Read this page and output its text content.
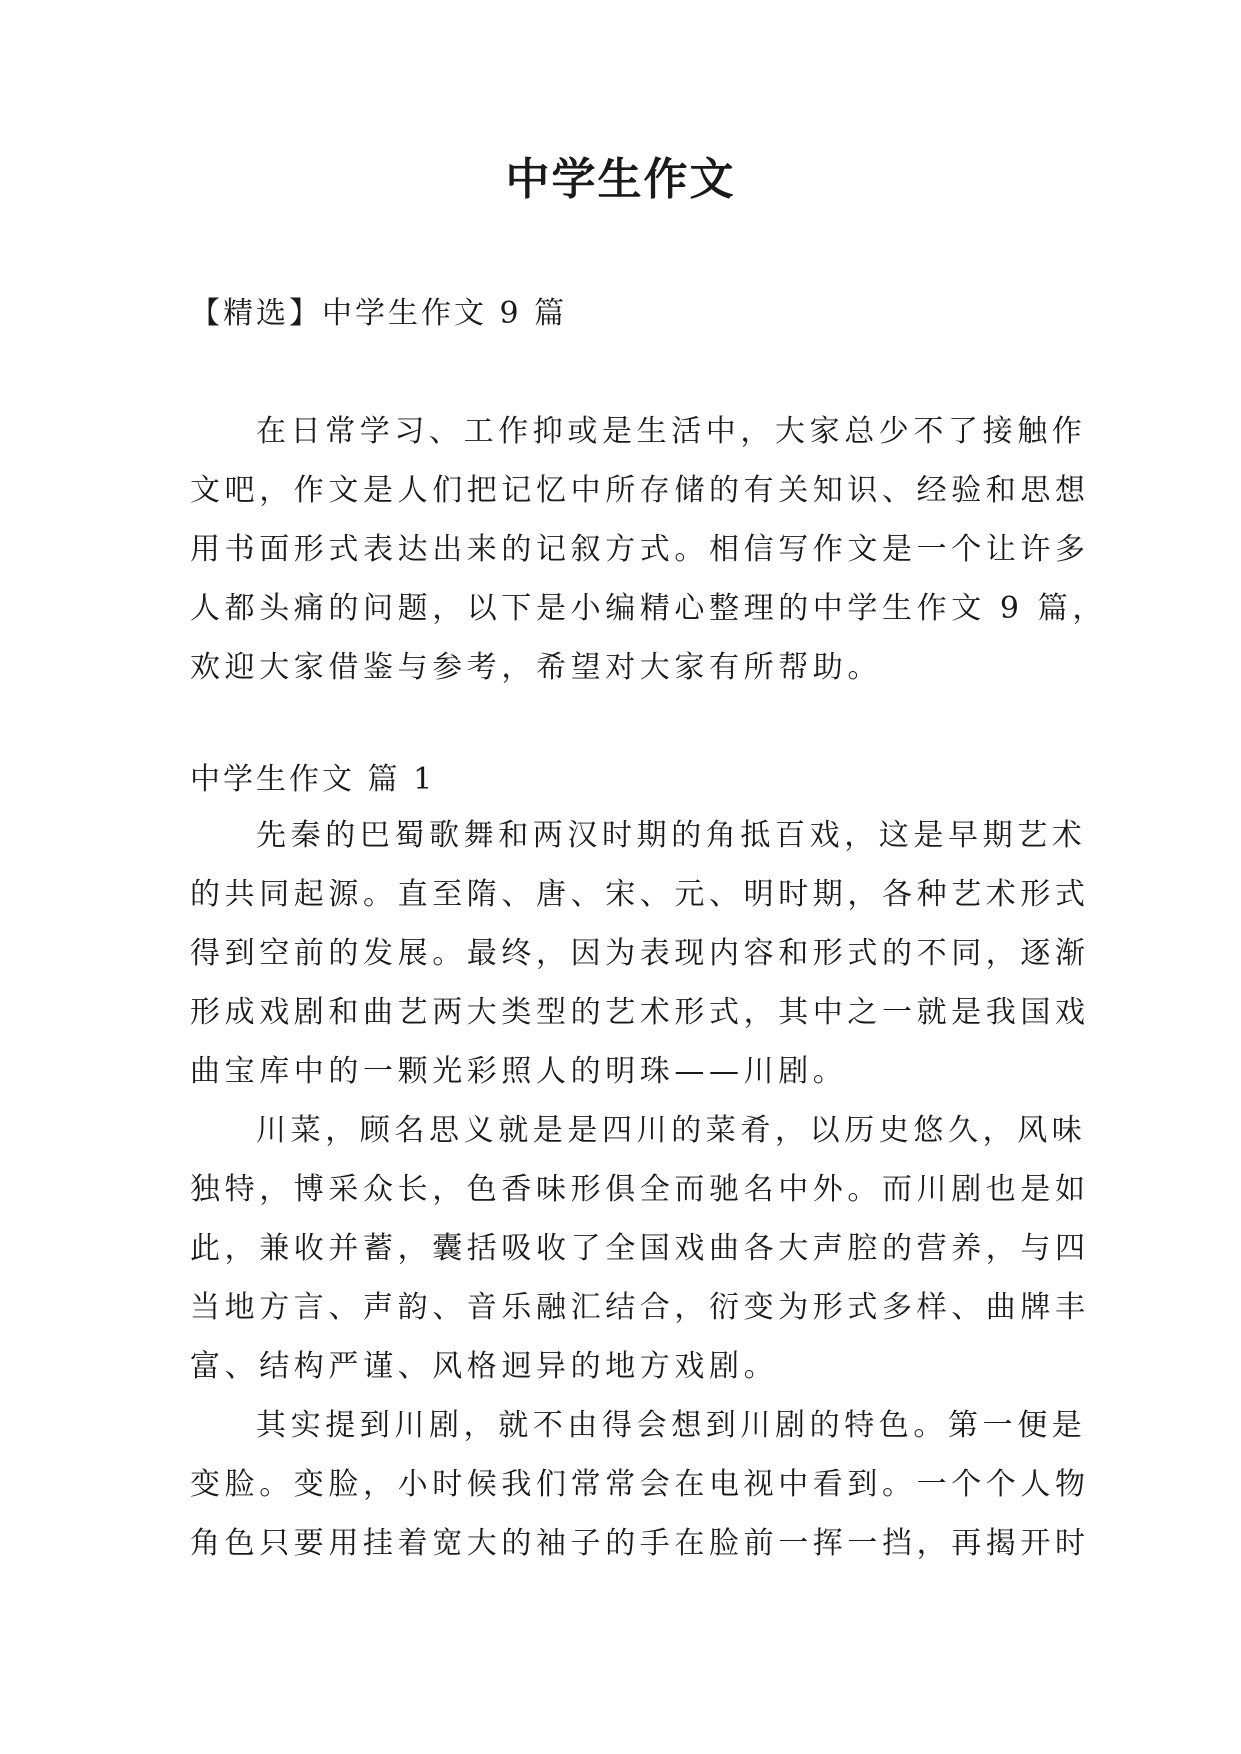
中学生作文
【精选】中学生作文 9 篇
在日常学习、工作抑或是生活中，大家总少不了接触作
文吧，作文是人们把记忆中所存储的有关知识、经验和思想
用书面形式表达出来的记叙方式。相信写作文是一个让许多
人都头痛的问题，以下是小编精心整理的中学生作文 9 篇，
欢迎大家借鉴与参考，希望对大家有所帮助。
中学生作文 篇 1
先秦的巴蜀歌舞和两汉时期的角抵百戏，这是早期艺术
的共同起源。直至隋、唐、宋、元、明时期，各种艺术形式
得到空前的发展。最终，因为表现内容和形式的不同，逐渐
形成戏剧和曲艺两大类型的艺术形式，其中之一就是我国戏
曲宝库中的一颗光彩照人的明珠——川剧。
川菜，顾名思义就是是四川的菜肴，以历史悠久，风味
独特，博采众长，色香味形俱全而驰名中外。而川剧也是如
此，兼收并蓄，囊括吸收了全国戏曲各大声腔的营养，与四
当地方言、声韵、音乐融汇结合，衍变为形式多样、曲牌丰
富、结构严谨、风格迥异的地方戏剧。
其实提到川剧，就不由得会想到川剧的特色。第一便是
变脸。变脸，小时候我们常常会在电视中看到。一个个人物
角色只要用挂着宽大的袖子的手在脸前一挥一挡，再揭开时
